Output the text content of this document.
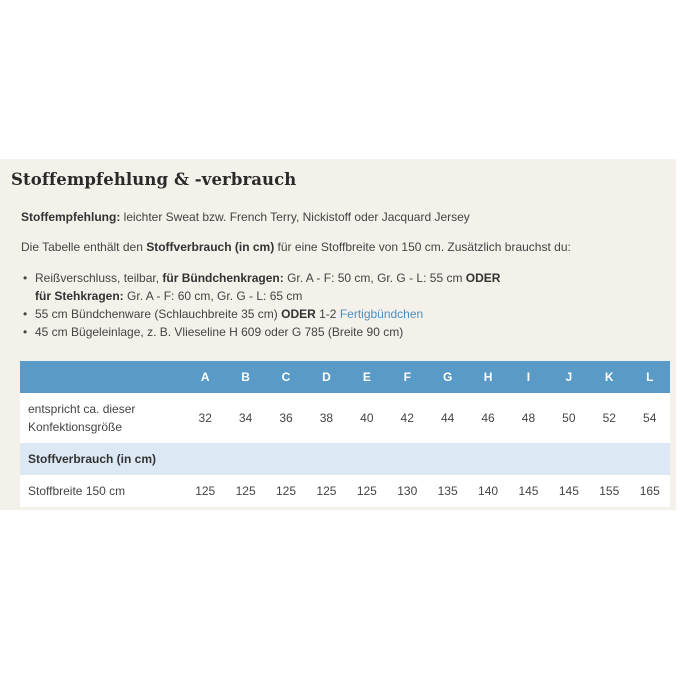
Stoffempfehlung & -verbrauch

Stoffempfehlung: leichter Sweat bzw. French Terry, Nickistoff oder Jacquard Jersey

Die Tabelle enthält den Stoffverbrauch (in cm) für eine Stoffbreite von 150 cm. Zusätzlich brauchst du:

• Reißverschluss, teilbar, für Bündchenkragen: Gr. A - F: 50 cm, Gr. G - L: 55 cm ODER
für Stehkragen: Gr. A - F: 60 cm, Gr. G - L: 65 cm
• 55 cm Bündchenware (Schlauchbreite 35 cm) ODER 1-2 Fertigbündchen
• 45 cm Bügeleinlage, z. B. Vlieseline H 609 oder G 785 (Breite 90 cm)
	A	B	C	D	E	F	G	H	I	J	K	L
entspricht ca. dieser
Konfektionsgröße	32	34	36	38	40	42	44	46	48	50	52	54
Stoffverbrauch (in cm)												
Stoffbreite 150 cm	125	125	125	125	125	130	135	140	145	145	155	165
